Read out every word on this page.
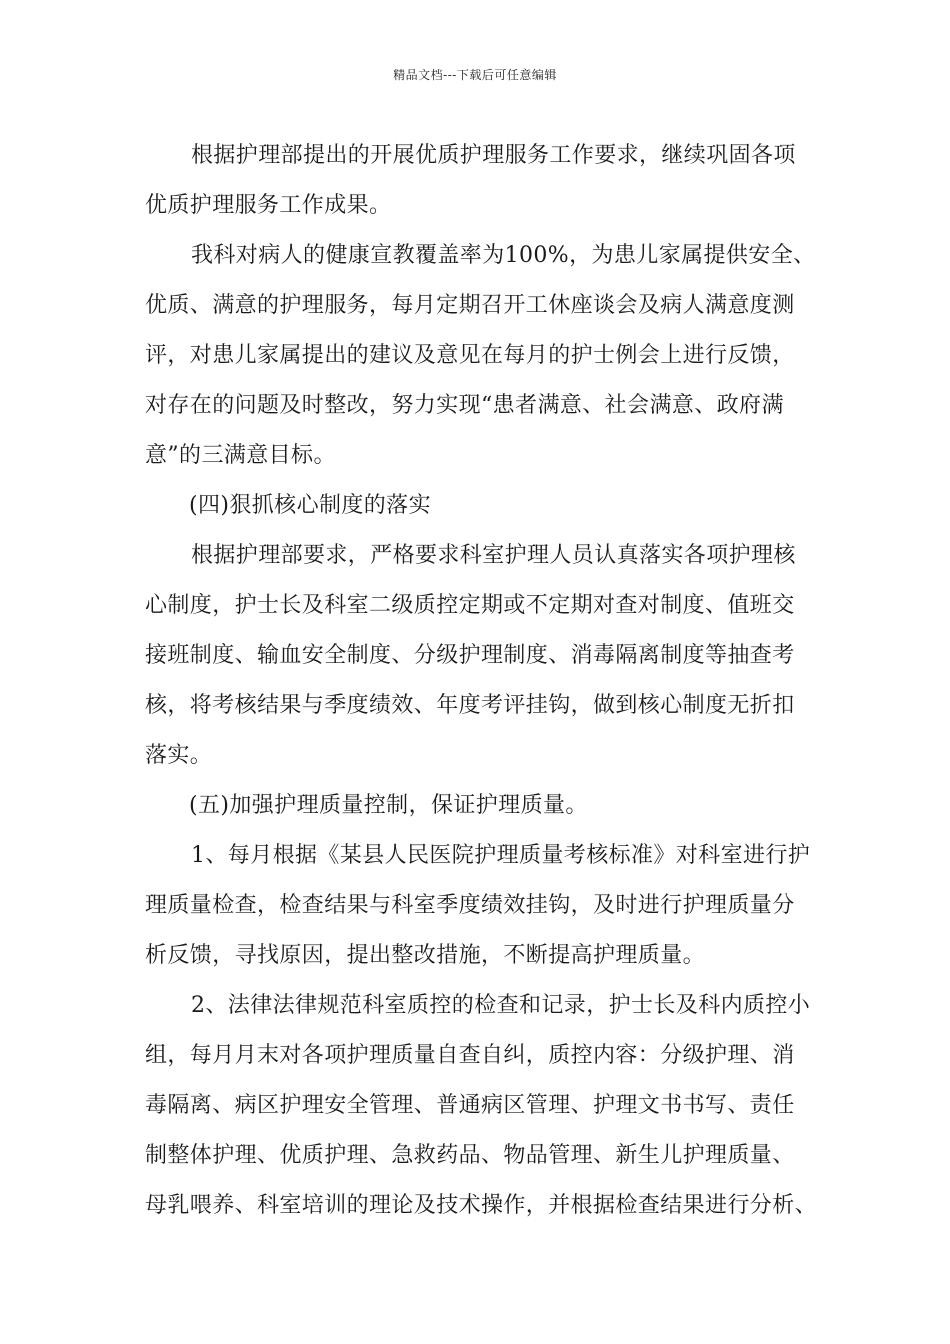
精品文档---下载后可任意编辑

根据护理部提出的开展优质护理服务工作要求，继续巩固各项
优质护理服务工作成果。

我科对病人的健康宣教覆盖率为100%，为患儿家属提供安全、
优质、满意的护理服务，每月定期召开工休座谈会及病人满意度测
评，对患儿家属提出的建议及意见在每月的护士例会上进行反馈，
对存在的问题及时整改，努力实现“患者满意、社会满意、政府满
意”的三满意目标。

(四)狠抓核心制度的落实

根据护理部要求，严格要求科室护理人员认真落实各项护理核
心制度，护士长及科室二级质控定期或不定期对查对制度、值班交
接班制度、输血安全制度、分级护理制度、消毒隔离制度等抽查考
核，将考核结果与季度绩效、年度考评挂钩，做到核心制度无折扣
落实。

(五)加强护理质量控制，保证护理质量。

1、每月根据《某县人民医院护理质量考核标准》对科室进行护
理质量检查，检查结果与科室季度绩效挂钩，及时进行护理质量分
析反馈，寻找原因，提出整改措施，不断提高护理质量。

2、法律法律规范科室质控的检查和记录，护士长及科内质控小
组，每月月末对各项护理质量自查自纠，质控内容：分级护理、消
毒隔离、病区护理安全管理、普通病区管理、护理文书书写、责任
制整体护理、优质护理、急救药品、物品管理、新生儿护理质量、
母乳喂养、科室培训的理论及技术操作，并根据检查结果进行分析、
